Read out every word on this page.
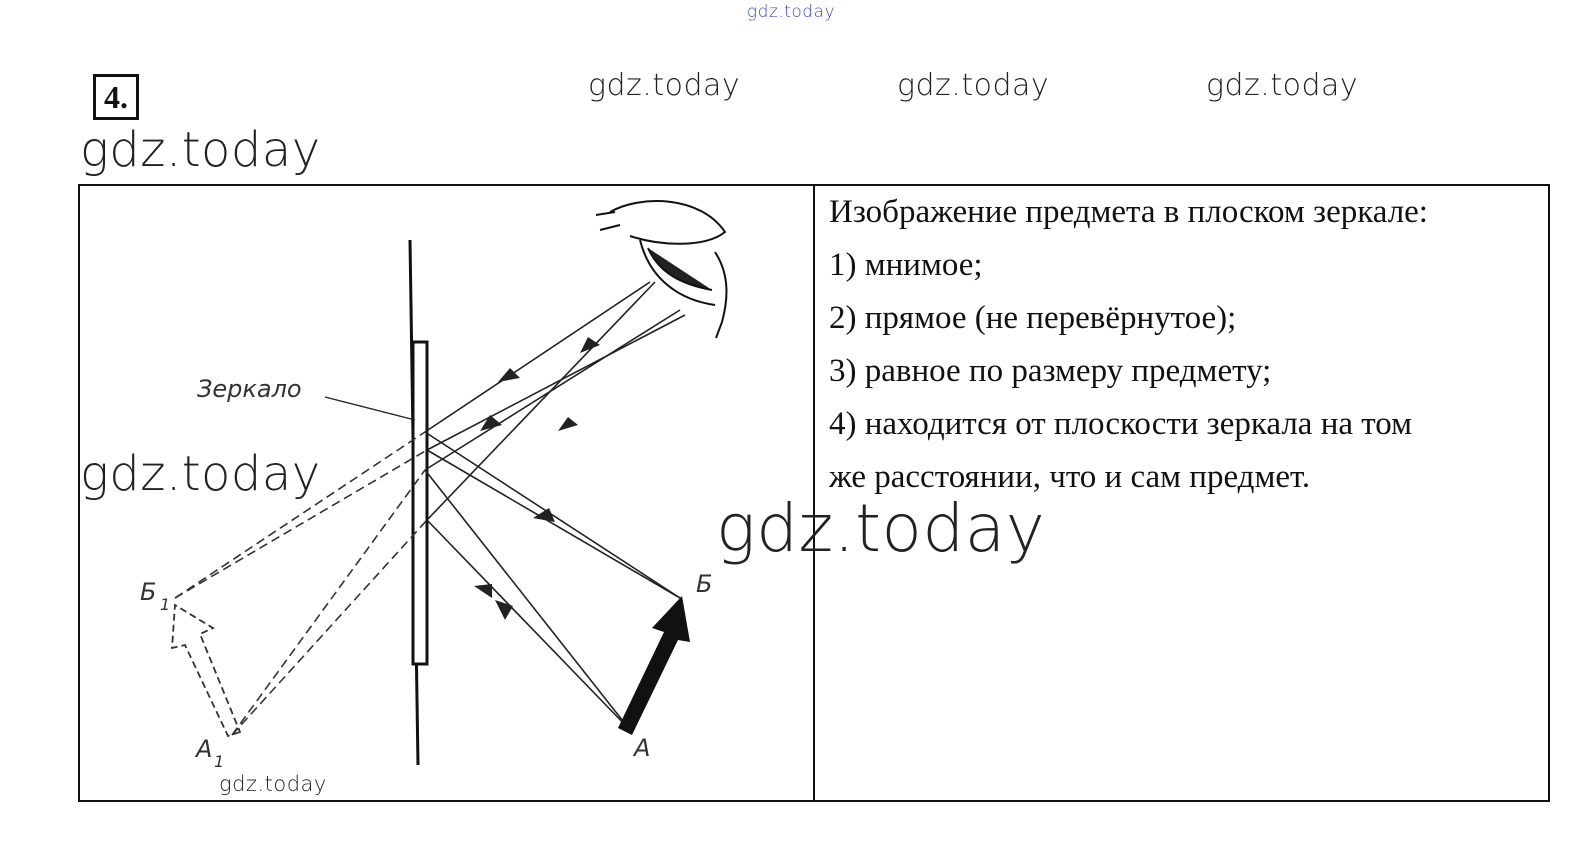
gdz.today
gdz.today	gdz.today	gdz.today
4.
gdz.today
Зеркало
Б 1
А 1
Б
А
Изображение предмета в плоском зеркале:
1) мнимое;
2) прямое (не перевёрнутое);
3) равное по размеру предмету;
4) находится от плоскости зеркала на том
же расстоянии, что и сам предмет.
gdz.today
gdz.today
gdz.today
